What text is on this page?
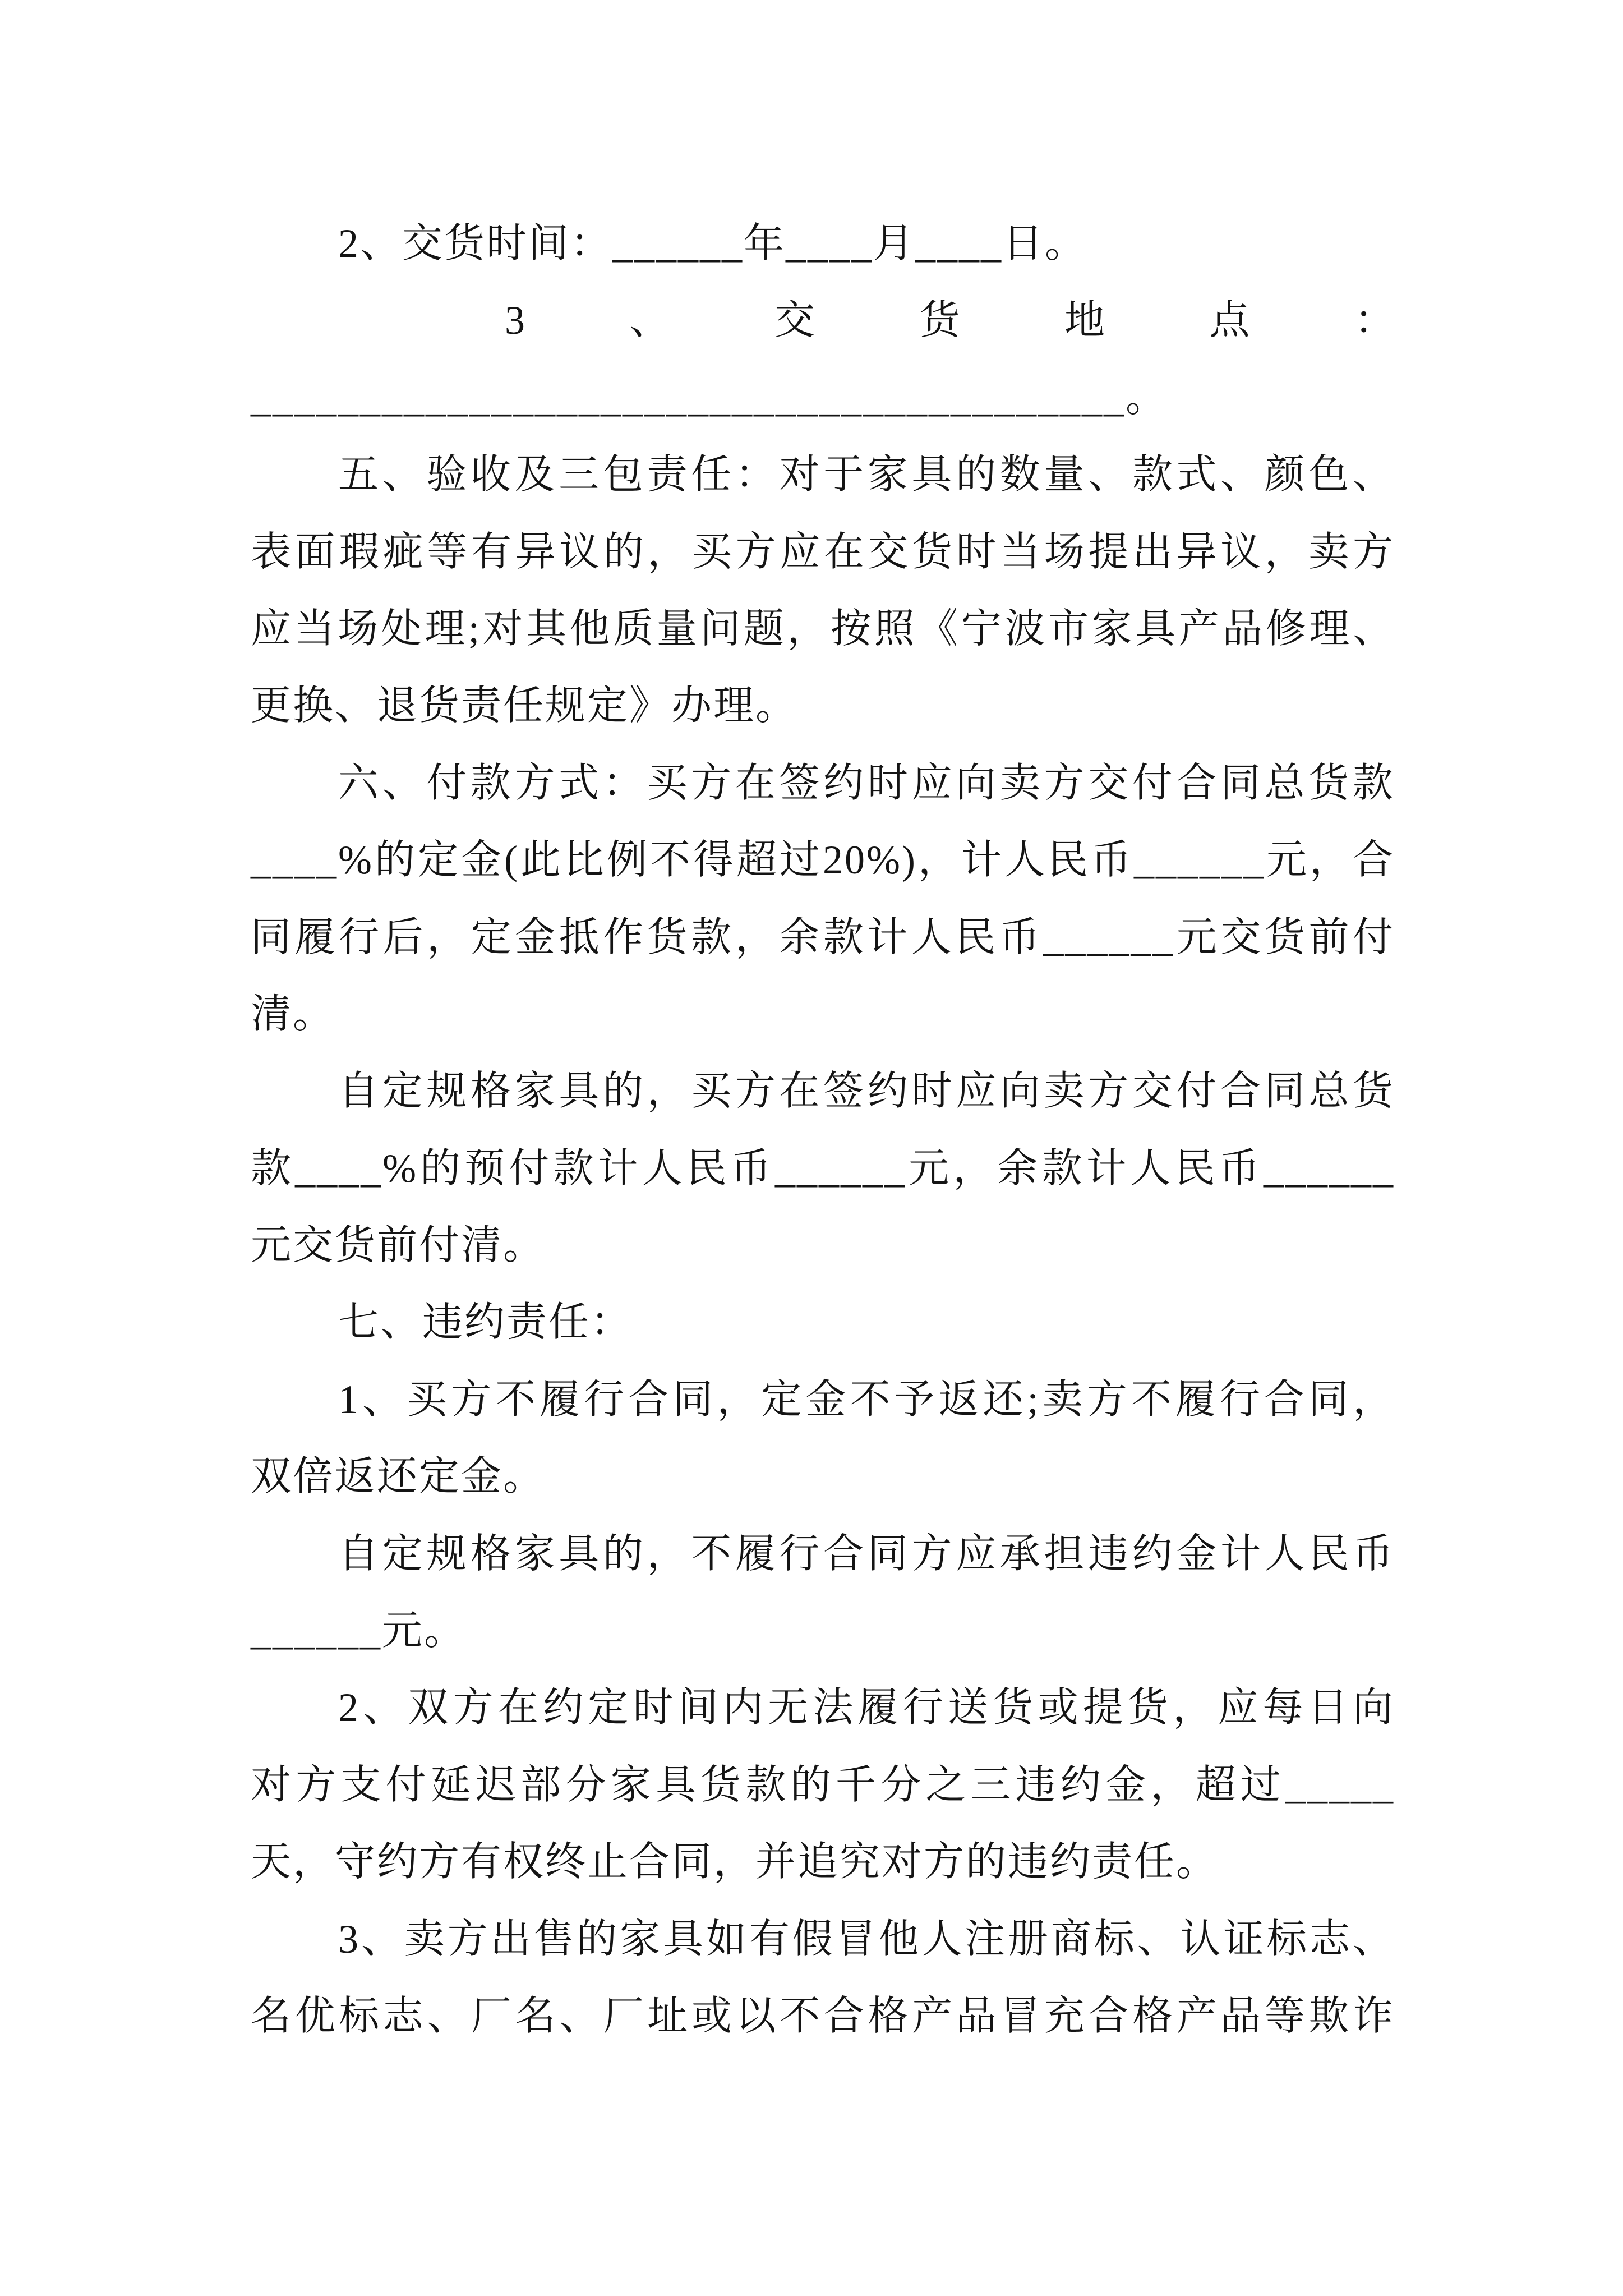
2、交货时间：______年____月____日。
3	、	交	货	地	点	：
________________________________________。
五、验收及三包责任：对于家具的数量、款式、颜色、
表面瑕疵等有异议的，买方应在交货时当场提出异议，卖方
应当场处理;对其他质量问题，按照《宁波市家具产品修理、
更换、退货责任规定》办理。
六、付款方式：买方在签约时应向卖方交付合同总货款
____%的定金(此比例不得超过20%)，计人民币______元，合
同履行后，定金抵作货款，余款计人民币______元交货前付
清。
自定规格家具的，买方在签约时应向卖方交付合同总货
款____%的预付款计人民币______元，余款计人民币______
元交货前付清。
七、违约责任：
1、买方不履行合同，定金不予返还;卖方不履行合同，
双倍返还定金。
自定规格家具的，不履行合同方应承担违约金计人民币
______元。
2、双方在约定时间内无法履行送货或提货，应每日向
对方支付延迟部分家具货款的千分之三违约金，超过_____
天，守约方有权终止合同，并追究对方的违约责任。
3、卖方出售的家具如有假冒他人注册商标、认证标志、
名优标志、厂名、厂址或以不合格产品冒充合格产品等欺诈
